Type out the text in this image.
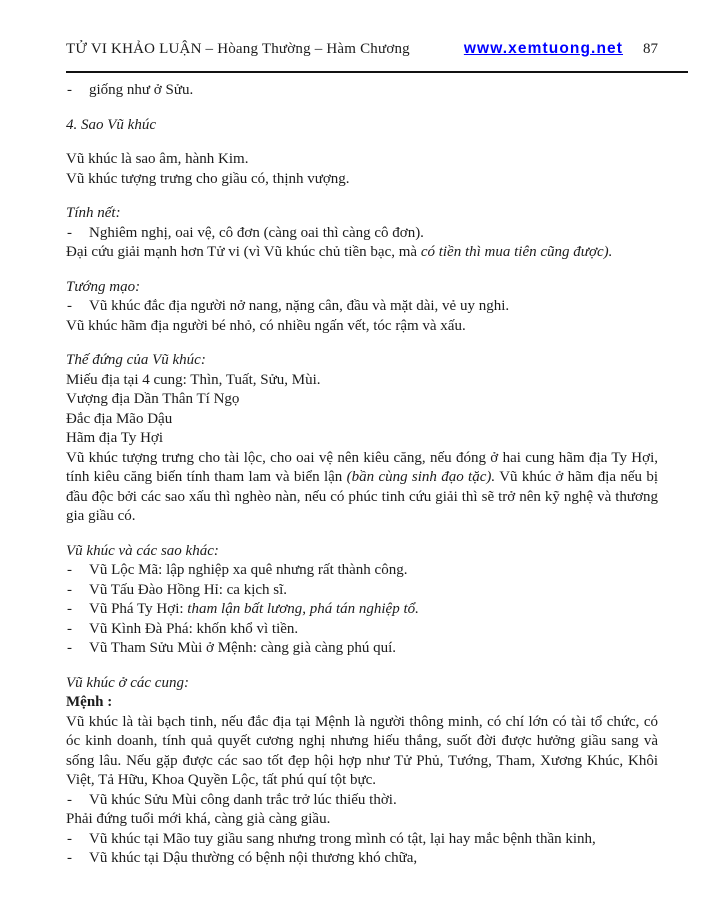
TỬ VI KHẢO LUẬN – Hòang Thường – Hàm Chương	www.xemtuong.net 87
-	giống như ở Sửu.
4. Sao Vũ khúc
Vũ khúc là sao âm, hành Kim.
Vũ khúc tượng trưng cho giầu có, thịnh vượng.
Tính nết:
-	Nghiêm nghị, oai vệ, cô đơn (càng oai thì càng cô đơn).
Đại cứu giải mạnh hơn Tử vi (vì Vũ khúc chủ tiền bạc, mà có tiền thì mua tiên cũng được).
Tướng mạo:
-	Vũ khúc đắc địa người nở nang, nặng cân, đầu và mặt dài, vẻ uy nghi.
Vũ khúc hãm địa người bé nhỏ, có nhiều ngấn vết, tóc rậm và xấu.
Thế đứng của Vũ khúc:
Miếu địa tại 4 cung: Thìn, Tuất, Sửu, Mùi.
Vượng địa Dần Thân Tí Ngọ
Đắc địa Mão Dậu
Hãm địa Ty Hợi

Vũ khúc tượng trưng cho tài lộc, cho oai vệ nên kiêu căng, nếu đóng ở hai cung hãm địa Ty Hợi, tính kiêu căng biến tính tham lam và biển lận (bần cùng sinh đạo tặc). Vũ khúc ở hãm địa nếu bị đầu độc bởi các sao xấu thì nghèo nàn, nếu có phúc tinh cứu giải thì sẽ trở nên kỹ nghệ và thương gia giầu có.

Vũ khúc và các sao khác:
-	Vũ Lộc Mã: lập nghiệp xa quê nhưng rất thành công.
-	Vũ Tấu Đào Hồng Hỉ: ca kịch sĩ.
-	Vũ Phá Ty Hợi: tham lận bất lương, phá tán nghiệp tổ.
-	Vũ Kình Đà Phá: khốn khổ vì tiền.
-	Vũ Tham Sửu Mùi ở Mệnh: càng già càng phú quí.
Vũ khúc ở các cung:
Mệnh :

Vũ khúc là tài bạch tinh, nếu đắc địa tại Mệnh là người thông minh, có chí lớn có tài tổ chức, có óc kinh doanh, tính quả quyết cương nghị nhưng hiếu thắng, suốt đời được hưởng giầu sang và sống lâu. Nếu gặp được các sao tốt đẹp hội hợp như Tử Phủ, Tướng, Tham, Xương Khúc, Khôi Việt, Tả Hữu, Khoa Quyền Lộc, tất phú quí tột bực.

-	Vũ khúc Sửu Mùi công danh trắc trở lúc thiếu thời.
Phải đứng tuổi mới khá, càng già càng giầu.
-	Vũ khúc tại Mão tuy giầu sang nhưng trong mình có tật, lại hay mắc bệnh thần kinh,
-	Vũ khúc tại Dậu thường có bệnh nội thương khó chữa,
